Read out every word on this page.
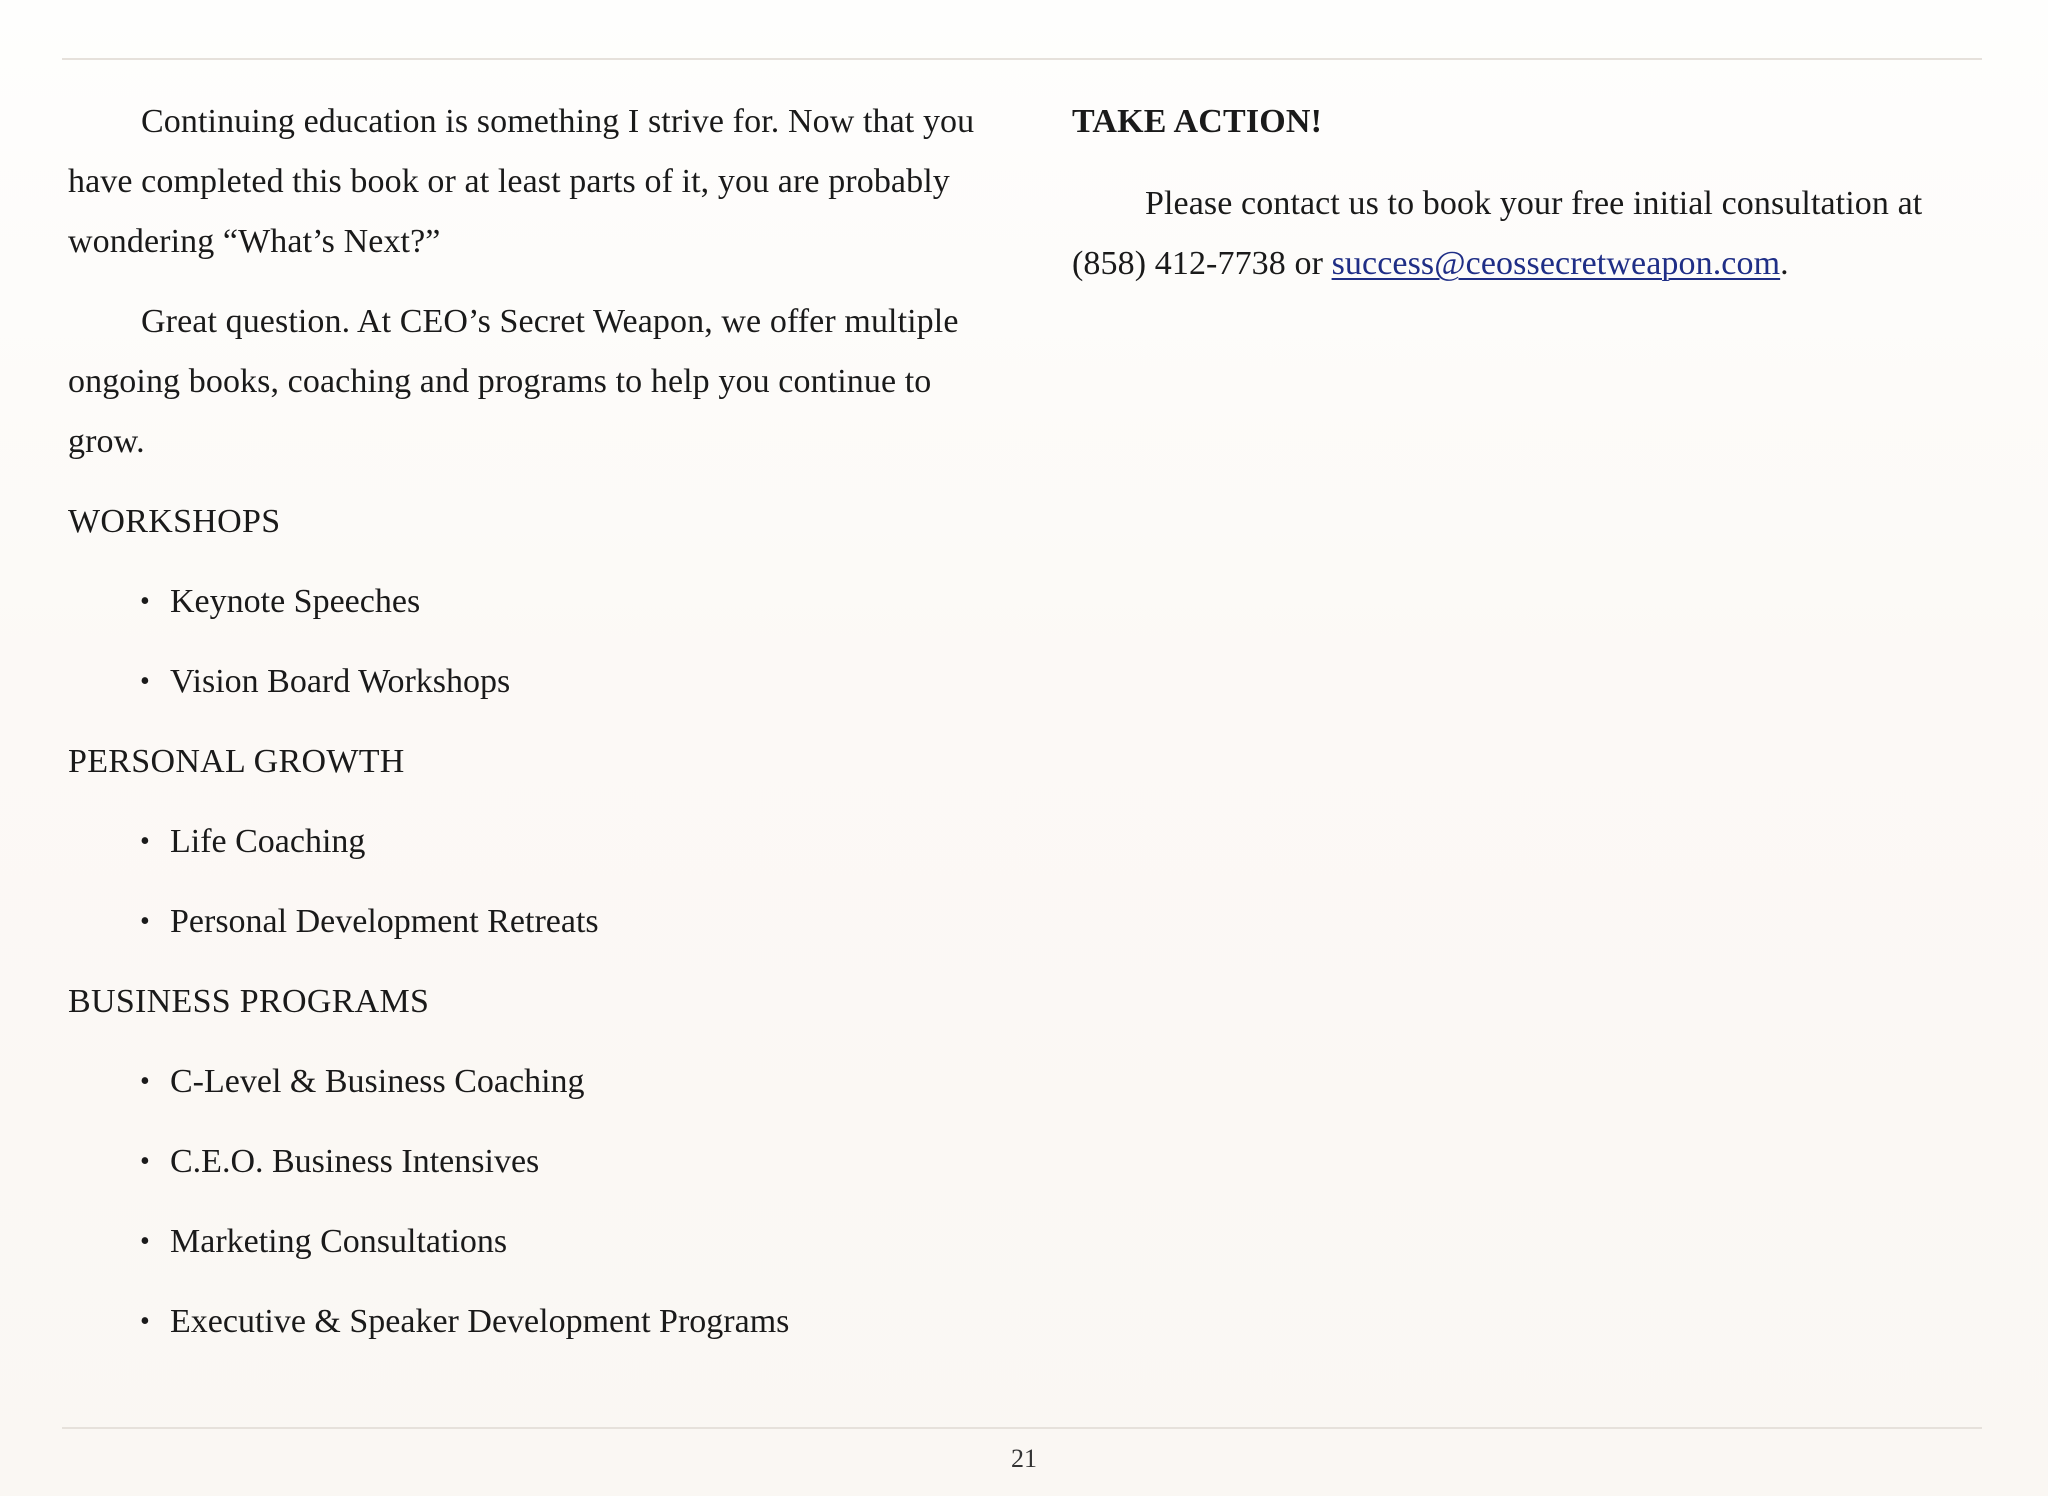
Continuing education is something I strive for. Now that you have completed this book or at least parts of it, you are probably wondering “What’s Next?”

Great question. At CEO’s Secret Weapon, we offer multiple ongoing books, coaching and programs to help you continue to grow.

WORKSHOPS
• Keynote Speeches
• Vision Board Workshops
PERSONAL GROWTH
• Life Coaching
• Personal Development Retreats
BUSINESS PROGRAMS
• C-Level & Business Coaching
• C.E.O. Business Intensives
• Marketing Consultations
• Executive & Speaker Development Programs
TAKE ACTION!

Please contact us to book your free initial consultation at (858) 412-7738 or success@ceossecretweapon.com.

21
